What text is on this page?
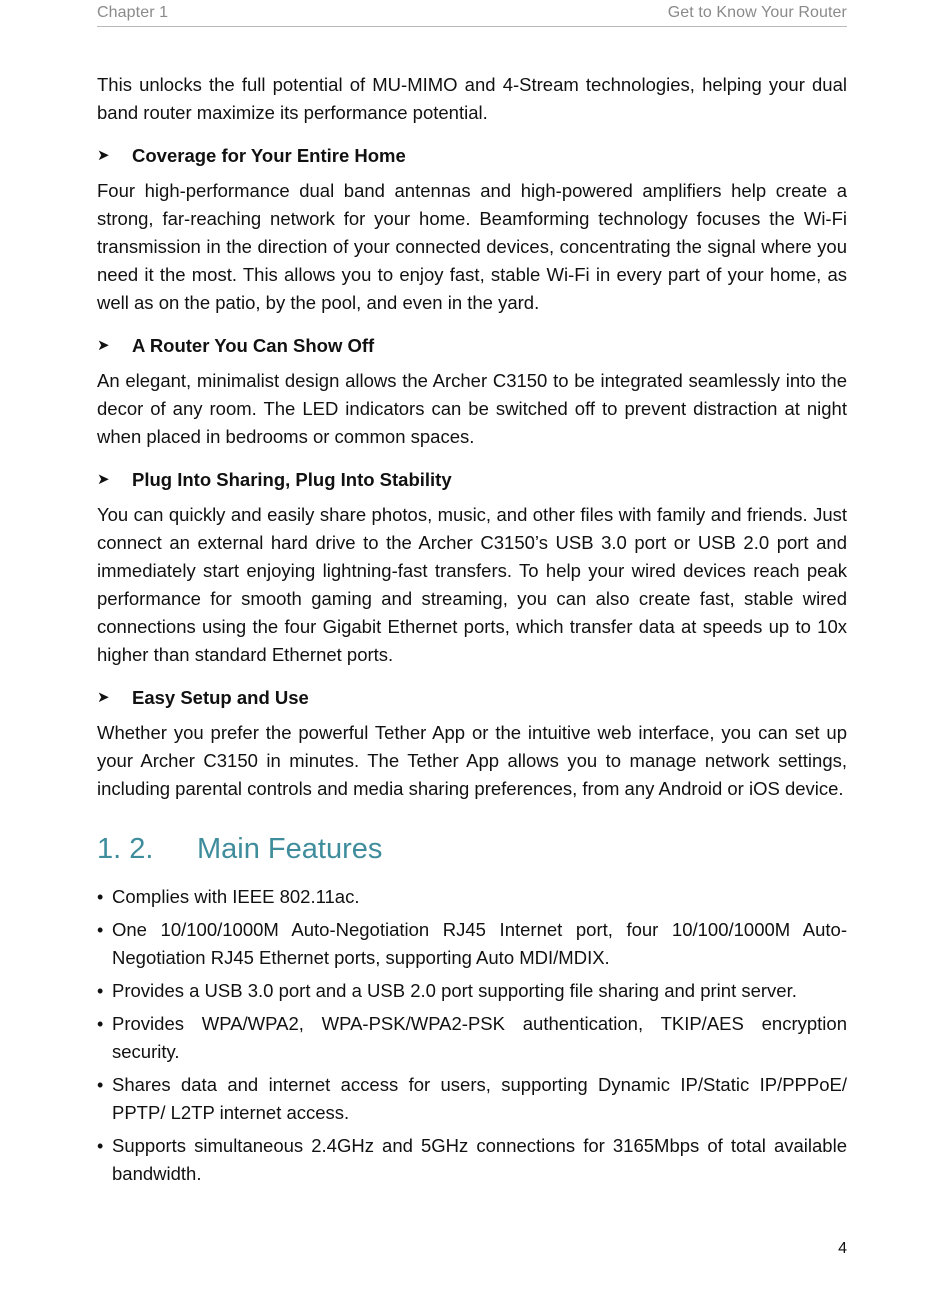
Chapter 1	Get to Know Your Router

This unlocks the full potential of MU-MIMO and 4-Stream technologies, helping your dual band router maximize its performance potential.

➤	Coverage for Your Entire Home

Four high-performance dual band antennas and high-powered amplifiers help create a strong, far-reaching network for your home. Beamforming technology focuses the Wi-Fi transmission in the direction of your connected devices, concentrating the signal where you need it the most. This allows you to enjoy fast, stable Wi-Fi in every part of your home, as well as on the patio, by the pool, and even in the yard.

➤	A Router You Can Show Off

An elegant, minimalist design allows the Archer C3150 to be integrated seamlessly into the decor of any room. The LED indicators can be switched off to prevent distraction at night when placed in bedrooms or common spaces.

➤	Plug Into Sharing, Plug Into Stability

You can quickly and easily share photos, music, and other files with family and friends. Just connect an external hard drive to the Archer C3150’s USB 3.0 port or USB 2.0 port and immediately start enjoying lightning-fast transfers. To help your wired devices reach peak performance for smooth gaming and streaming, you can also create fast, stable wired connections using the four Gigabit Ethernet ports, which transfer data at speeds up to 10x higher than standard Ethernet ports.

➤	Easy Setup and Use

Whether you prefer the powerful Tether App or the intuitive web interface, you can set up your Archer C3150 in minutes. The Tether App allows you to manage network settings, including parental controls and media sharing preferences, from any Android or iOS device.

1. 2.	Main Features
• Complies with IEEE 802.11ac.
• One 10/100/1000M Auto-Negotiation RJ45 Internet port, four 10/100/1000M Auto-Negotiation RJ45 Ethernet ports, supporting Auto MDI/MDIX.
• Provides a USB 3.0 port and a USB 2.0 port supporting file sharing and print server.
• Provides WPA/WPA2, WPA-PSK/WPA2-PSK authentication, TKIP/AES encryption security.
• Shares data and internet access for users, supporting Dynamic IP/Static IP/PPPoE/ PPTP/ L2TP internet access.
• Supports simultaneous 2.4GHz and 5GHz connections for 3165Mbps of total available bandwidth.
4
